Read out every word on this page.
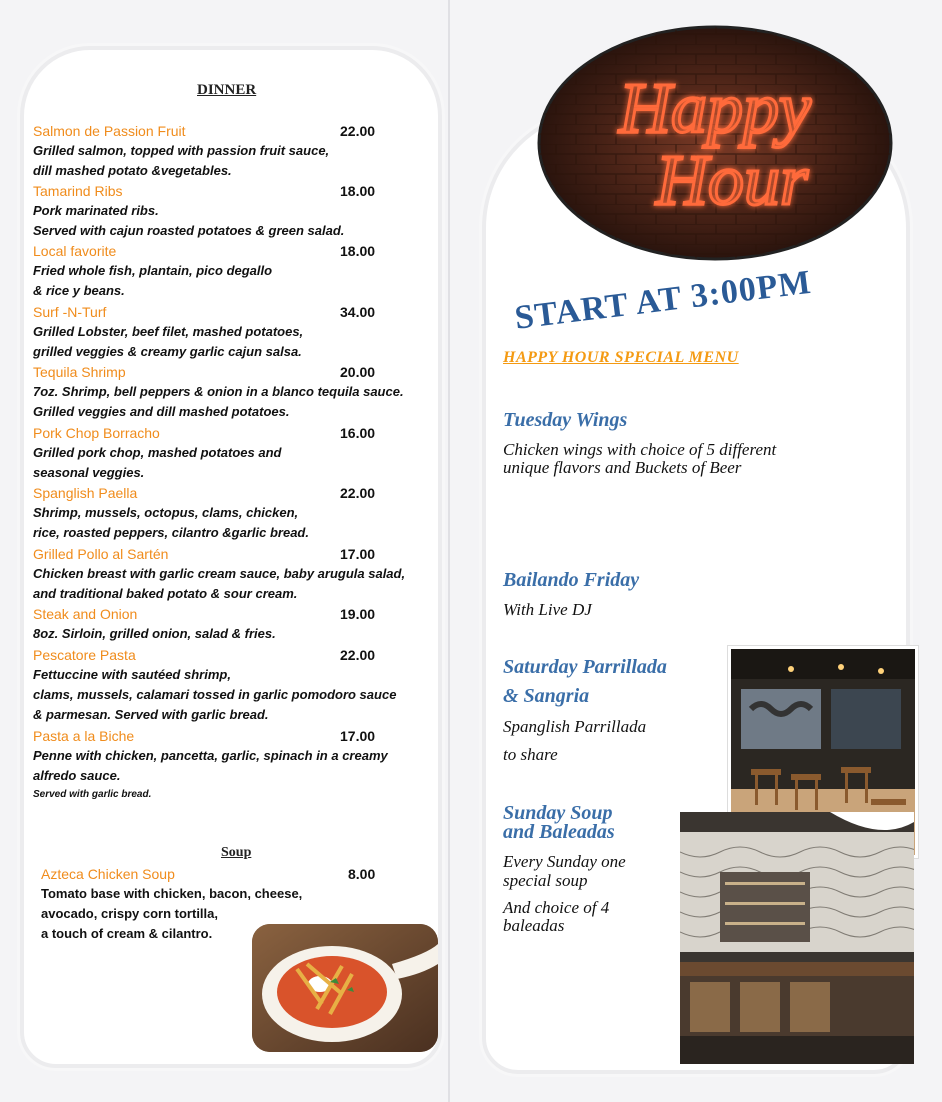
DINNER
Salmon de Passion Fruit	22.00
Grilled salmon, topped with passion fruit sauce,
dill mashed potato &vegetables.
Tamarind Ribs	18.00
Pork marinated ribs.
Served with cajun roasted potatoes & green salad.
Local favorite	18.00
Fried whole fish, plantain, pico degallo
& rice y beans.
Surf -N-Turf	34.00
Grilled Lobster, beef filet, mashed potatoes,
grilled veggies & creamy garlic cajun salsa.
Tequila Shrimp	20.00
7oz. Shrimp, bell peppers & onion in a blanco tequila sauce.
Grilled veggies and dill mashed potatoes.
Pork Chop Borracho	16.00
Grilled pork chop, mashed potatoes and
seasonal veggies.
Spanglish Paella	22.00
Shrimp, mussels, octopus, clams, chicken,
rice, roasted peppers, cilantro &garlic bread.
Grilled Pollo al Sartén	17.00
Chicken breast with garlic cream sauce, baby arugula salad,
and traditional baked potato & sour cream.
Steak and Onion	19.00
8oz. Sirloin, grilled onion, salad & fries.
Pescatore Pasta	22.00
Fettuccine with sautéed shrimp,
clams, mussels, calamari tossed in garlic pomodoro sauce
& parmesan. Served with garlic bread.
Pasta a la Biche	17.00
Penne with chicken, pancetta, garlic, spinach in a creamy
alfredo sauce.
Served with garlic bread.
Soup
Azteca Chicken Soup	8.00
Tomato base with chicken, bacon, cheese,
avocado, crispy corn tortilla,
a touch of cream & cilantro.
Happy
Hour
START AT 3:00PM
HAPPY HOUR SPECIAL MENU
Tuesday Wings
Chicken wings with choice of 5 different
unique flavors and Buckets of Beer
Bailando Friday
With Live DJ
Saturday Parrillada
& Sangria
Spanglish Parrillada
to share
Sunday Soup
and Baleadas
Every Sunday one
special soup
And choice of 4
baleadas
